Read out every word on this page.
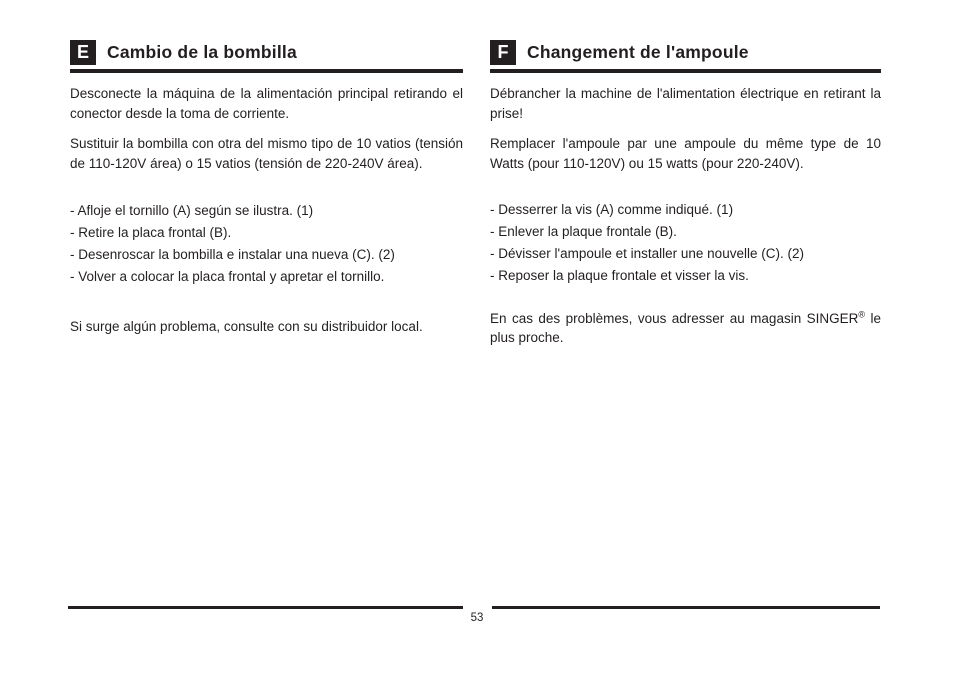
E	Cambio de la bombilla

Desconecte la máquina de la alimentación principal retirando el conector desde la toma de corriente.

Sustituir la bombilla con otra del mismo tipo de 10 vatios (tensión de 110-120V área) o 15 vatios (tensión de 220-240V área).

- Afloje el tornillo (A) según se ilustra. (1)
- Retire la placa frontal (B).
- Desenroscar la bombilla e instalar una nueva (C). (2)
- Volver a colocar la placa frontal y apretar el tornillo.

Si surge algún problema, consulte con su distribuidor local.

F	Changement de l'ampoule

Débrancher la machine de l'alimentation électrique en retirant la prise!

Remplacer l'ampoule par une ampoule du même type de 10 Watts (pour 110-120V) ou 15 watts (pour 220-240V).

- Desserrer la vis (A) comme indiqué. (1)
- Enlever la plaque frontale (B).
- Dévisser l'ampoule et installer une nouvelle (C). (2)
- Reposer la plaque frontale et visser la vis.

En cas des problèmes, vous adresser au magasin SINGER® le plus proche.

53
